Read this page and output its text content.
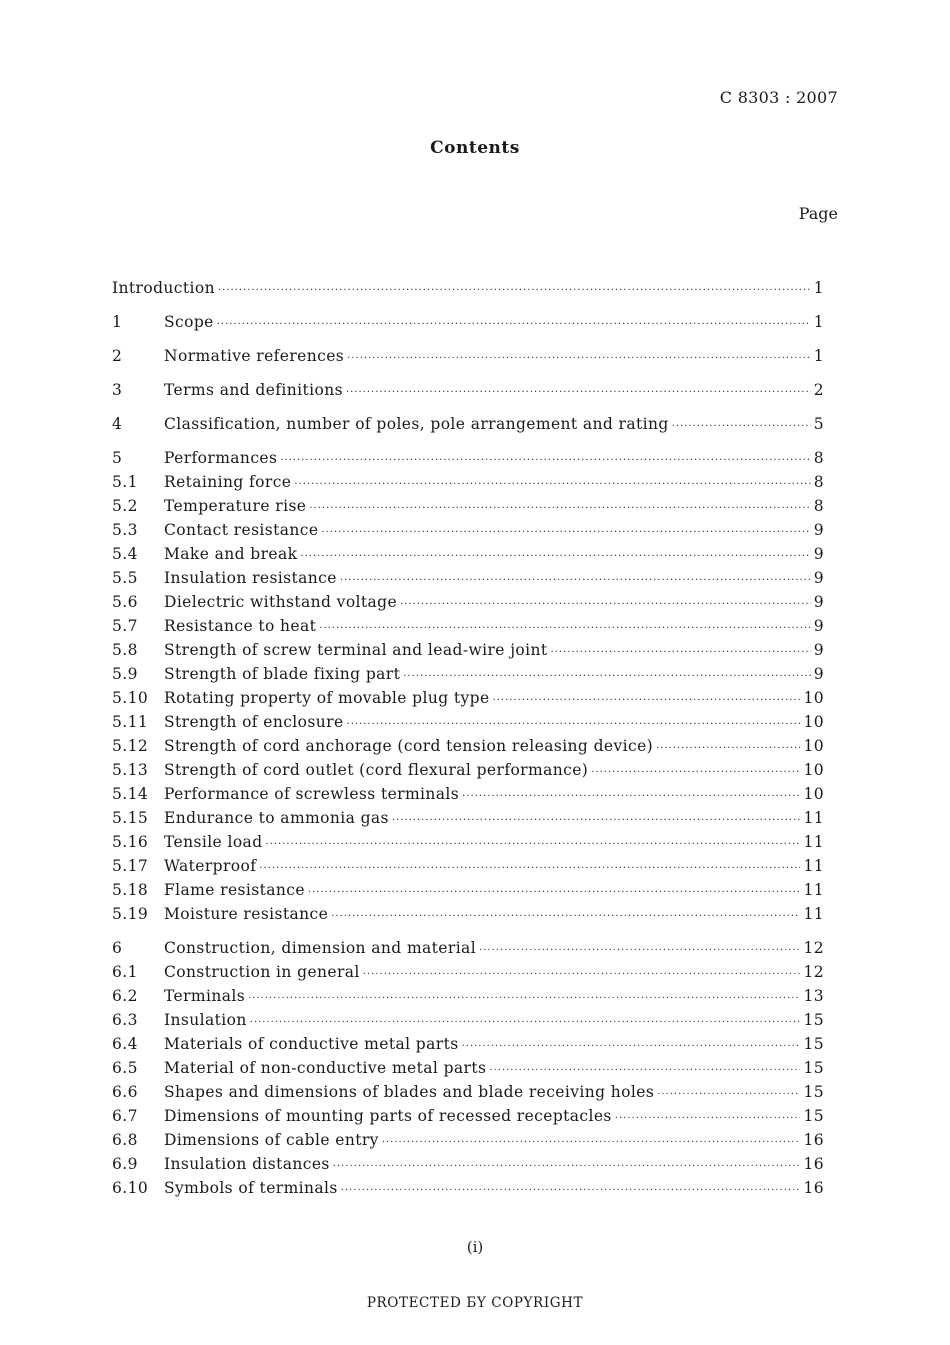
C 8303 : 2007
Contents
Page
Introduction ·····	1
1	Scope ·····	1
2	Normative references ·····	1
3	Terms and definitions ·····	2
4	Classification, number of poles, pole arrangement and rating ·····	5
5	Performances ·····	8
5.1	Retaining force ·····	8
5.2	Temperature rise ·····	8
5.3	Contact resistance ·····	9
5.4	Make and break ·····	9
5.5	Insulation resistance ·····	9
5.6	Dielectric withstand voltage ·····	9
5.7	Resistance to heat ·····	9
5.8	Strength of screw terminal and lead-wire joint ·····	9
5.9	Strength of blade fixing part ·····	9
5.10	Rotating property of movable plug type ·····	10
5.11	Strength of enclosure ·····	10
5.12	Strength of cord anchorage (cord tension releasing device) ·····	10
5.13	Strength of cord outlet (cord flexural performance) ·····	10
5.14	Performance of screwless terminals ·····	10
5.15	Endurance to ammonia gas ·····	11
5.16	Tensile load ·····	11
5.17	Waterproof ·····	11
5.18	Flame resistance ·····	11
5.19	Moisture resistance ·····	11
6	Construction, dimension and material ·····	12
6.1	Construction in general ·····	12
6.2	Terminals ·····	13
6.3	Insulation ·····	15
6.4	Materials of conductive metal parts ·····	15
6.5	Material of non-conductive metal parts ·····	15
6.6	Shapes and dimensions of blades and blade receiving holes ·····	15
6.7	Dimensions of mounting parts of recessed receptacles ·····	15
6.8	Dimensions of cable entry ·····	16
6.9	Insulation distances ·····	16
6.10	Symbols of terminals ·····	16
(i)
PROTECTED БY COPYRIGHT
